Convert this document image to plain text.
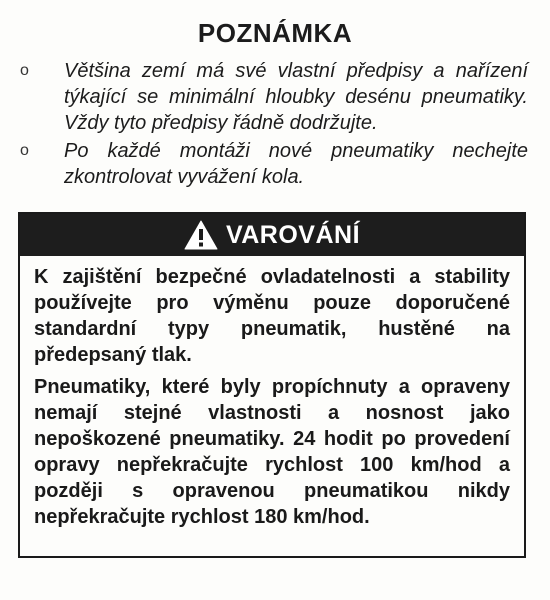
POZNÁMKA
o	Většina zemí má své vlastní předpisy a nařízení týkající se minimální hloubky desénu pneumatiky. Vždy tyto předpisy řádně dodržujte.
o	Po každé montáži nové pneumatiky nechejte zkontrolovat vyvážení kola.
VAROVÁNÍ

K zajištění bezpečné ovladatelnosti a stability používejte pro výměnu pouze doporučené standardní typy pneumatik, hustěné na předepsaný tlak.

Pneumatiky, které byly propíchnuty a opraveny nemají stejné vlastnosti a nosnost jako nepoškozené pneumatiky. 24 hodit po provedení opravy nepřekračujte rychlost 100 km/hod a později s opravenou pneumatikou nikdy nepřekračujte rychlost 180 km/hod.
